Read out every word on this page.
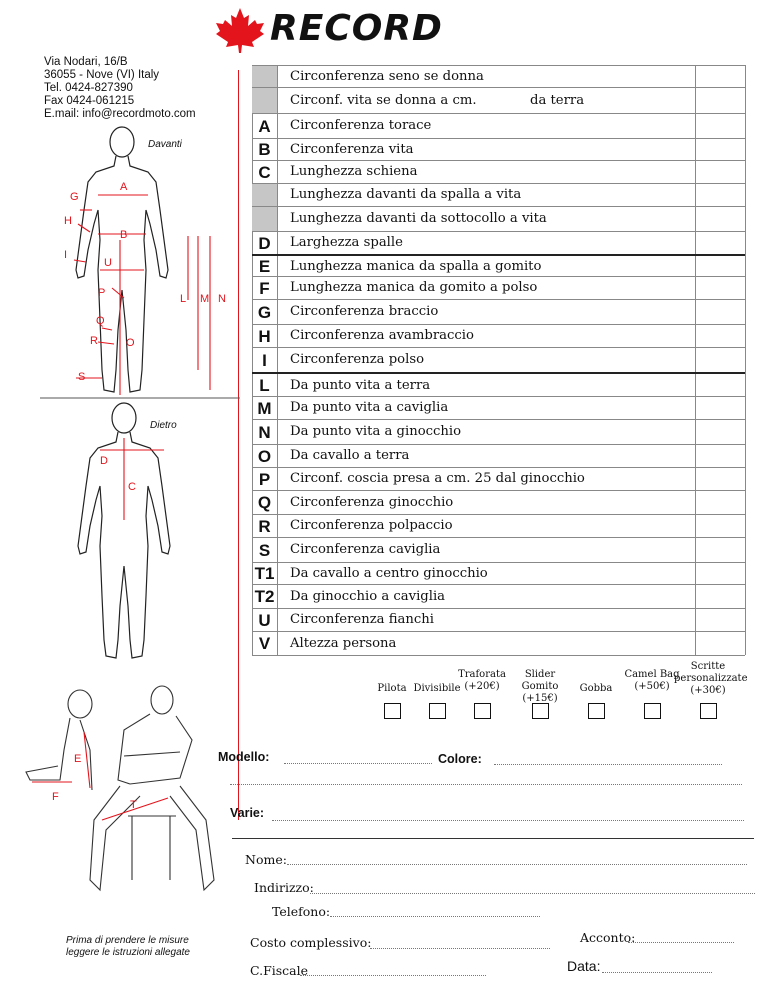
RECORD
Via Nodari, 16/B
36055 - Nove (VI) Italy
Tel. 0424-827390
Fax 0424-061215
E.mail: info@recordmoto.com
A
G
H
B
I
U
P	L M N
Q
R	O
S
D
C
Davanti
Dietro
E
F
T
Prima di prendere le misure leggere le istruzioni allegate
Circonferenza seno se donna
Circonf. vita se donna a cm.	da terra
A	Circonferenza torace
B	Circonferenza vita
C	Lunghezza schiena
Lunghezza davanti da spalla a vita
Lunghezza davanti da sottocollo a vita
D	Larghezza spalle
E	Lunghezza manica da spalla a gomito
F	Lunghezza manica da gomito a polso
G	Circonferenza braccio
H	Circonferenza avambraccio
I	Circonferenza polso
L	Da punto vita a terra
M	Da punto vita a caviglia
N	Da punto vita a ginocchio
O	Da cavallo a terra
P	Circonf. coscia presa a cm. 25 dal ginocchio
Q	Circonferenza ginocchio
R	Circonferenza polpaccio
S	Circonferenza caviglia
T1 Da cavallo a centro ginocchio
T2 Da ginocchio a caviglia
U	Circonferenza fianchi
V	Altezza persona
Pilota Divisibile
Traforata
(+20€)
Slider Gomito
(+15€)
Gobba
Camel Bag
(+50€)
Scritte personalizzate
(+30€)
Modello:	Colore:
Varie:
Nome:
Indirizzo:
Telefono:
Costo complessivo:	Acconto:
C.Fiscale	Data:
